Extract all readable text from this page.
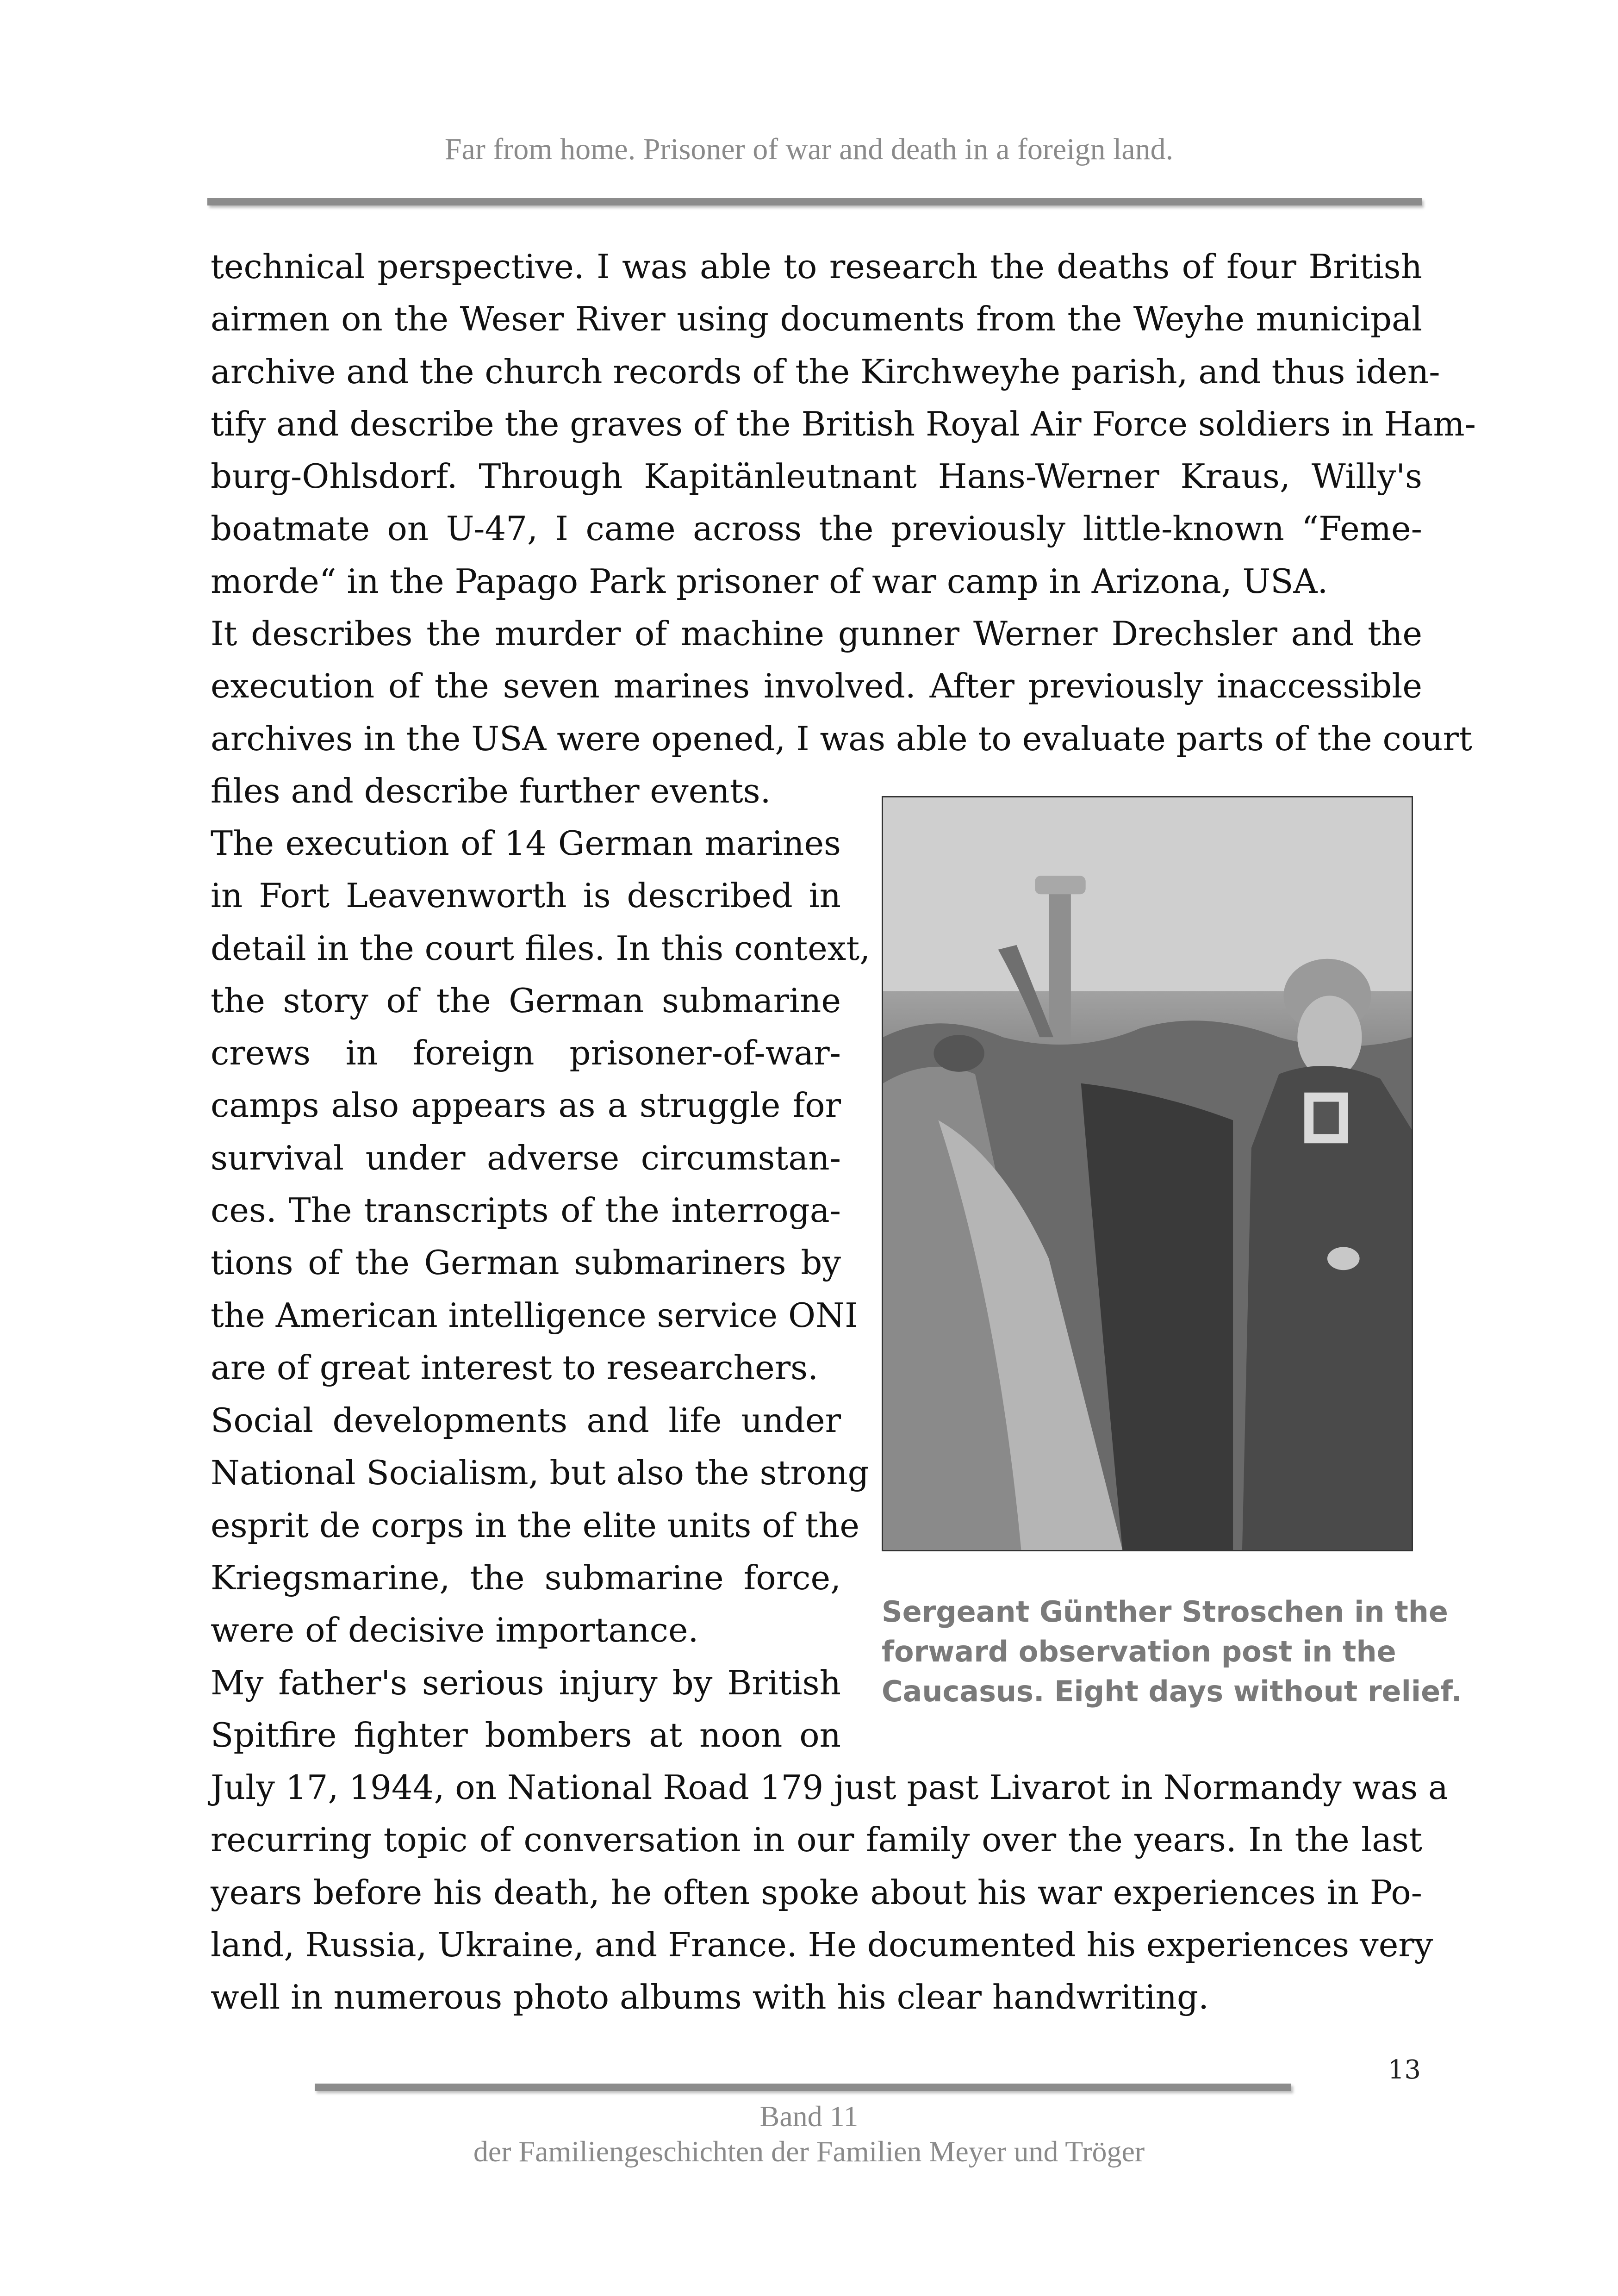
Far from home. Prisoner of war and death in a foreign land.
technical perspective. I was able to research the deaths of four British
airmen on the Weser River using documents from the Weyhe municipal
archive and the church records of the Kirchweyhe parish, and thus iden-
tify and describe the graves of the British Royal Air Force soldiers in Ham-
burg-Ohlsdorf. Through Kapitänleutnant Hans-Werner Kraus, Willy's
boatmate on U-47, I came across the previously little-known “Feme-
morde“ in the Papago Park prisoner of war camp in Arizona, USA.
It describes the murder of machine gunner Werner Drechsler and the
execution of the seven marines involved. After previously inaccessible
archives in the USA were opened, I was able to evaluate parts of the court
files and describe further events.
The execution of 14 German marines
in Fort Leavenworth is described in
detail in the court files. In this context,
the story of the German submarine
crews in foreign prisoner-of-war-
camps also appears as a struggle for
survival under adverse circumstan-
ces. The transcripts of the interroga-
tions of the German submariners by
the American intelligence service ONI
are of great interest to researchers.
Social developments and life under
National Socialism, but also the strong
esprit de corps in the elite units of the
Kriegsmarine, the submarine force,
were of decisive importance.
My father's serious injury by British
Spitfire fighter bombers at noon on
July 17, 1944, on National Road 179 just past Livarot in Normandy was a
recurring topic of conversation in our family over the years. In the last
years before his death, he often spoke about his war experiences in Po-
land, Russia, Ukraine, and France. He documented his experiences very
well in numerous photo albums with his clear handwriting.
Sergeant Günther Stroschen in the
forward observation post in the
Caucasus. Eight days without relief.
13
Band 11
der Familiengeschichten der Familien Meyer und Tröger
